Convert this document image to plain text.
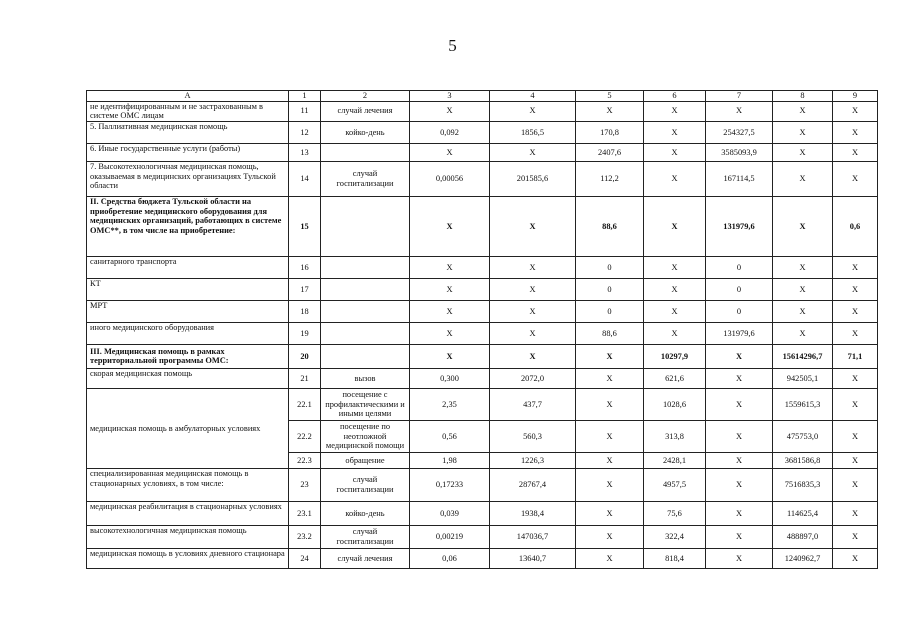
5
A	1	2	3	4	5	6	7	8	9
не идентифицированным и не застрахованным в системе ОМС лицам	11	случай лечения	X	X	X	X	X	X	X
5. Паллиативная медицинская помощь	12	койко-день	0,092	1856,5	170,8	X	254327,5	X	X
6. Иные государственные услуги (работы)	13		X	X	2407,6	X	3585093,9	X	X
7. Высокотехнологичная медицинская помощь, оказываемая в медицинских организациях Тульской области	14	случай госпитализации	0,00056	201585,6	112,2	X	167114,5	X	X
II. Средства бюджета Тульской области на приобретение медицинского оборудования для медицинских организаций, работающих в системе ОМС**, в том числе на приобретение:	15		X	X	88,6	X	131979,6	X	0,6
санитарного транспорта	16		X	X	0	X	0	X	X
КТ	17		X	X	0	X	0	X	X
МРТ	18		X	X	0	X	0	X	X
иного медицинского оборудования	19		X	X	88,6	X	131979,6	X	X
III. Медицинская помощь в рамках территориальной программы ОМС:	20		X	X	X	10297,9	X	15614296,7	71,1
скорая медицинская помощь	21	вызов	0,300	2072,0	X	621,6	X	942505,1	X
медицинская помощь в амбулаторных условиях	22.1	посещение с профилактическими и иными целями	2,35	437,7	X	1028,6	X	1559615,3	X
	22.2	посещение по неотложной медицинской помощи	0,56	560,3	X	313,8	X	475753,0	X
	22.3	обращение	1,98	1226,3	X	2428,1	X	3681586,8	X
специализированная медицинская помощь в стационарных условиях, в том числе:	23	случай госпитализации	0,17233	28767,4	X	4957,5	X	7516835,3	X
медицинская реабилитация в стационарных условиях	23.1	койко-день	0,039	1938,4	X	75,6	X	114625,4	X
высокотехнологичная медицинская помощь	23.2	случай госпитализации	0,00219	147036,7	X	322,4	X	488897,0	X
медицинская помощь в условиях дневного стационара	24	случай лечения	0,06	13640,7	X	818,4	X	1240962,7	X
